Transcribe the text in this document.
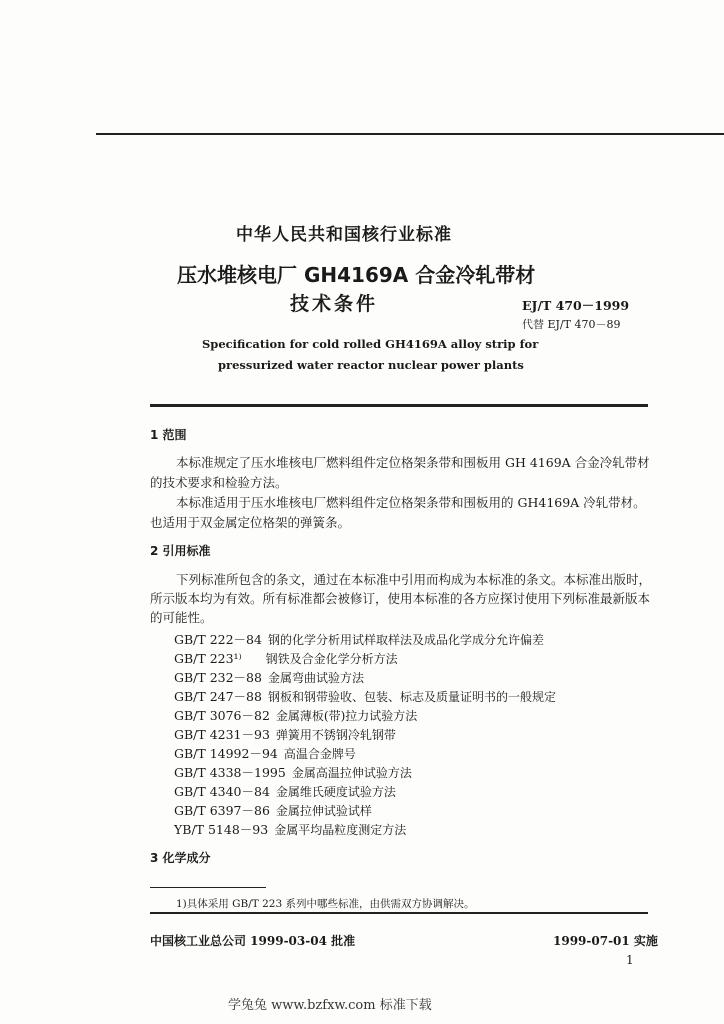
中华人民共和国核行业标准
压水堆核电厂 GH4169A 合金冷轧带材
技术条件	EJ/T 470－1999
代替 EJ/T 470－89
Specification for cold rolled GH4169A alloy strip for
pressurized water reactor nuclear power plants
1 范围
本标准规定了压水堆核电厂燃料组件定位格架条带和围板用 GH 4169A 合金冷轧带材
的技术要求和检验方法。
本标准适用于压水堆核电厂燃料组件定位格架条带和围板用的 GH4169A 冷轧带材。
也适用于双金属定位格架的弹簧条。
2 引用标准
下列标准所包含的条文，通过在本标准中引用而构成为本标准的条文。本标准出版时，
所示版本均为有效。所有标准都会被修订，使用本标准的各方应探讨使用下列标准最新版本
的可能性。
GB/T 222－84 钢的化学分析用试样取样法及成品化学成分允许偏差
GB/T 223¹⁾ 钢铁及合金化学分析方法
GB/T 232－88 金属弯曲试验方法
GB/T 247－88 钢板和钢带验收、包装、标志及质量证明书的一般规定
GB/T 3076－82 金属薄板(带)拉力试验方法
GB/T 4231－93 弹簧用不锈钢冷轧钢带
GB/T 14992－94 高温合金牌号
GB/T 4338－1995 金属高温拉伸试验方法
GB/T 4340－84 金属维氏硬度试验方法
GB/T 6397－86 金属拉伸试验试样
YB/T 5148－93 金属平均晶粒度测定方法
3 化学成分
1)具体采用 GB/T 223 系列中哪些标准，由供需双方协调解决。
中国核工业总公司 1999-03-04 批准	1999-07-01 实施
1
学兔兔 www.bzfxw.com 标准下载
